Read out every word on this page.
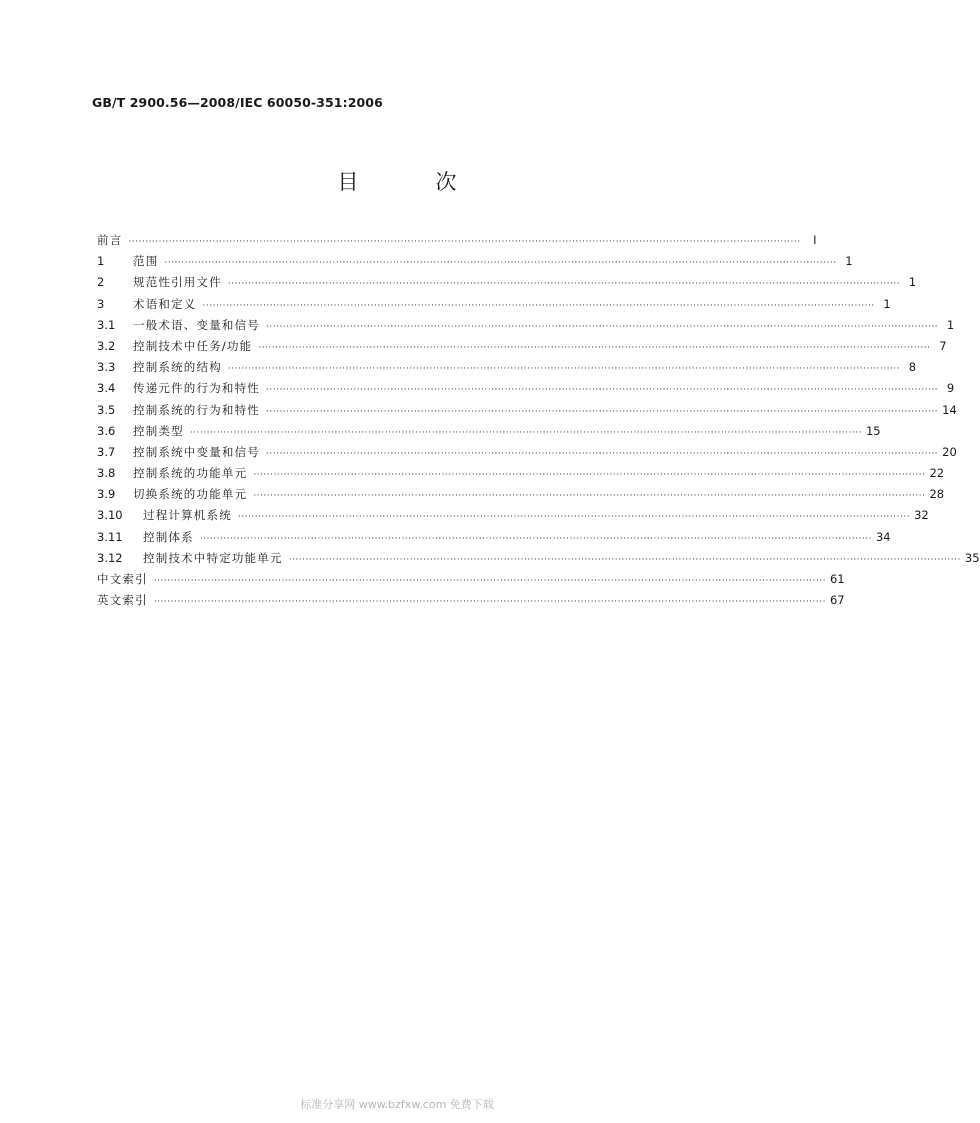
GB/T 2900.56—2008/IEC 60050-351:2006
目　次
前言 ········································································································································································································	Ⅰ
1	范围 ········································································································································································································ 1
2	规范性引用文件 ········································································································································································································ 1
3	术语和定义 ········································································································································································································ 1
3.1	一般术语、变量和信号 ········································································································································································································ 1
3.2	控制技术中任务/功能 ········································································································································································································ 7
3.3	控制系统的结构 ········································································································································································································ 8
3.4	传递元件的行为和特性 ········································································································································································································ 9
3.5	控制系统的行为和特性 ········································································································································································································ 14
3.6	控制类型 ········································································································································································································ 15
3.7	控制系统中变量和信号 ········································································································································································································ 20
3.8	控制系统的功能单元 ········································································································································································································ 22
3.9	切换系统的功能单元 ········································································································································································································ 28
3.10	过程计算机系统 ········································································································································································································ 32
3.11	控制体系 ········································································································································································································ 34
3.12	控制技术中特定功能单元 ········································································································································································································ 35
中文索引 ········································································································································································································ 61
英文索引 ········································································································································································································ 67
标准分享网 www.bzfxw.com 免费下载
